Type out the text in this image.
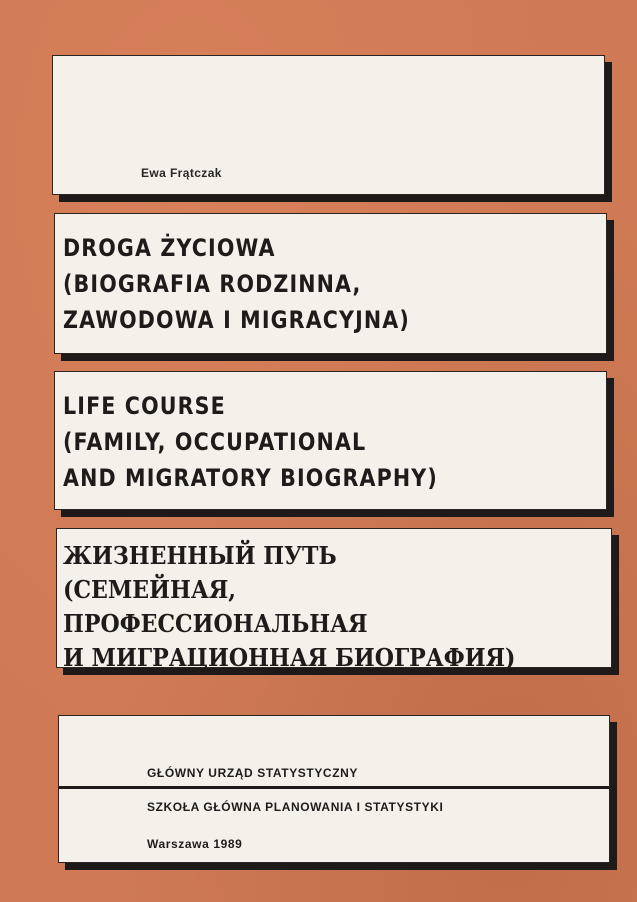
Ewa Frątczak
DROGA ŻYCIOWA
(BIOGRAFIA RODZINNA,
ZAWODOWA I MIGRACYJNA)
LIFE COURSE
(FAMILY, OCCUPATIONAL
AND MIGRATORY BIOGRAPHY)
ЖИЗНЕННЫЙ ПУТЬ
(СЕМЕЙНАЯ,
ПРОФЕССИОНАЛЬНАЯ
И МИГРАЦИОННАЯ БИОГРАФИЯ)
GŁÓWNY URZĄD STATYSTYCZNY
SZKOŁA GŁÓWNA PLANOWANIA I STATYSTYKI
Warszawa 1989
